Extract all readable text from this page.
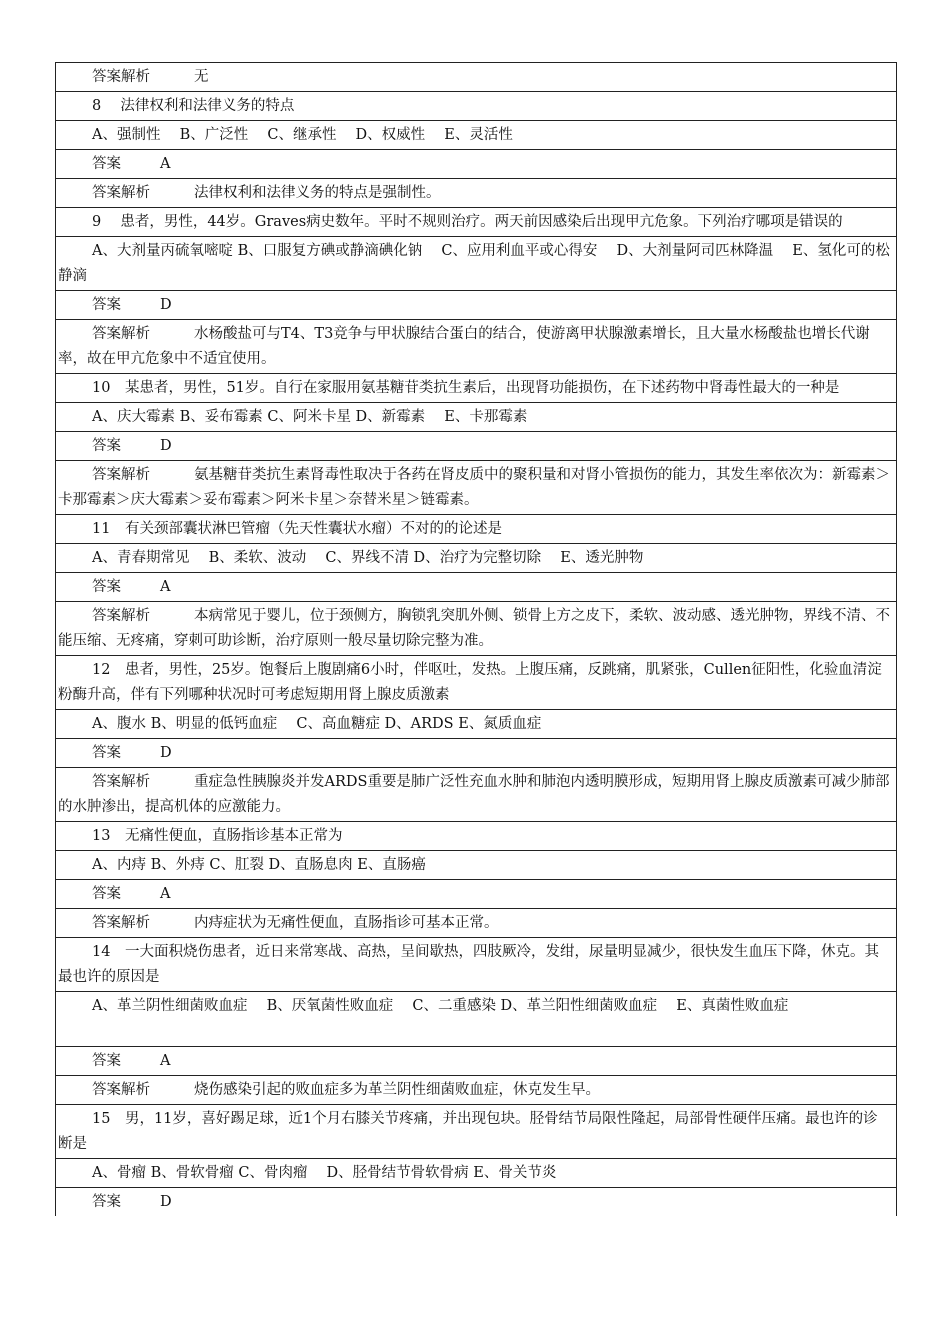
答案解析	无
8　 法律权利和法律义务的特点
A、强制性　 B、广泛性　 C、继承性　 D、权威性　 E、灵活性
答案	A
答案解析	法律权利和法律义务的特点是强制性。
9　 患者，男性，44岁。Graves病史数年。平时不规则治疗。两天前因感染后出现甲亢危象。下列治疗哪项是错误的
A、大剂量丙硫氧嘧啶 B、口服复方碘或静滴碘化钠　 C、应用利血平或心得安　 D、大剂量阿司匹林降温　 E、氢化可的松静滴
答案	D
答案解析	水杨酸盐可与T4、T3竞争与甲状腺结合蛋白的结合，使游离甲状腺激素增长，且大量水杨酸盐也增长代谢率，故在甲亢危象中不适宜使用。
10　某患者，男性，51岁。自行在家服用氨基糖苷类抗生素后，出现肾功能损伤，在下述药物中肾毒性最大的一种是
A、庆大霉素 B、妥布霉素 C、阿米卡星 D、新霉素　 E、卡那霉素
答案	D
答案解析	氨基糖苷类抗生素肾毒性取决于各药在肾皮质中的聚积量和对肾小管损伤的能力，其发生率依次为：新霉素＞卡那霉素＞庆大霉素＞妥布霉素＞阿米卡星＞奈替米星＞链霉素。
11　有关颈部囊状淋巴管瘤（先天性囊状水瘤）不对的的论述是
A、青春期常见　 B、柔软、波动　 C、界线不清 D、治疗为完整切除　 E、透光肿物
答案	A
答案解析	本病常见于婴儿，位于颈侧方，胸锁乳突肌外侧、锁骨上方之皮下，柔软、波动感、透光肿物，界线不清、不能压缩、无疼痛，穿刺可助诊断，治疗原则一般尽量切除完整为准。
12　患者，男性，25岁。饱餐后上腹剧痛6小时，伴呕吐，发热。上腹压痛，反跳痛，肌紧张，Cullen征阳性，化验血清淀粉酶升高，伴有下列哪种状况时可考虑短期用肾上腺皮质激素
A、腹水 B、明显的低钙血症　 C、高血糖症 D、ARDS E、氮质血症
答案	D
答案解析	重症急性胰腺炎并发ARDS重要是肺广泛性充血水肿和肺泡内透明膜形成，短期用肾上腺皮质激素可减少肺部的水肿渗出，提高机体的应激能力。
13　无痛性便血，直肠指诊基本正常为
A、内痔 B、外痔 C、肛裂 D、直肠息肉 E、直肠癌
答案	A
答案解析	内痔症状为无痛性便血，直肠指诊可基本正常。
14　一大面积烧伤患者，近日来常寒战、高热，呈间歇热，四肢厥冷，发绀，尿量明显减少，很快发生血压下降，休克。其最也许的原因是
A、革兰阴性细菌败血症　 B、厌氧菌性败血症　 C、二重感染 D、革兰阳性细菌败血症　 E、真菌性败血症
答案	A
答案解析	烧伤感染引起的败血症多为革兰阴性细菌败血症，休克发生早。
15　男，11岁，喜好踢足球，近1个月右膝关节疼痛，并出现包块。胫骨结节局限性隆起，局部骨性硬伴压痛。最也许的诊断是
A、骨瘤 B、骨软骨瘤 C、骨肉瘤　 D、胫骨结节骨软骨病 E、骨关节炎
答案	D
